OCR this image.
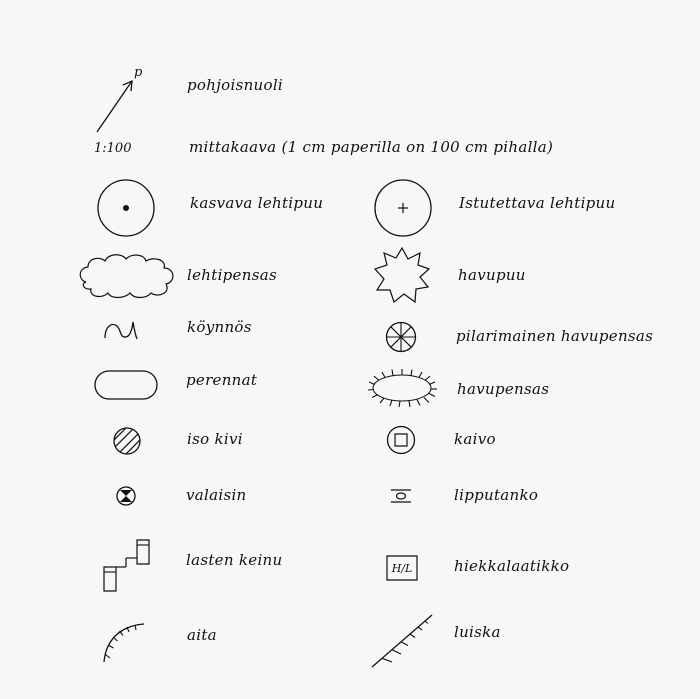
p
pohjoisnuoli
1:100	mittakaava (1 cm paperilla on 100 cm pihalla)
kasvava lehtipuu	Istutettava lehtipuu
lehtipensas	havupuu
köynnös	pilarimainen havupensas
perennat	havupensas
iso kivi	kaivo
valaisin	lipputanko
lasten keinu	H/L	hiekkalaatikko
aita	luiska
